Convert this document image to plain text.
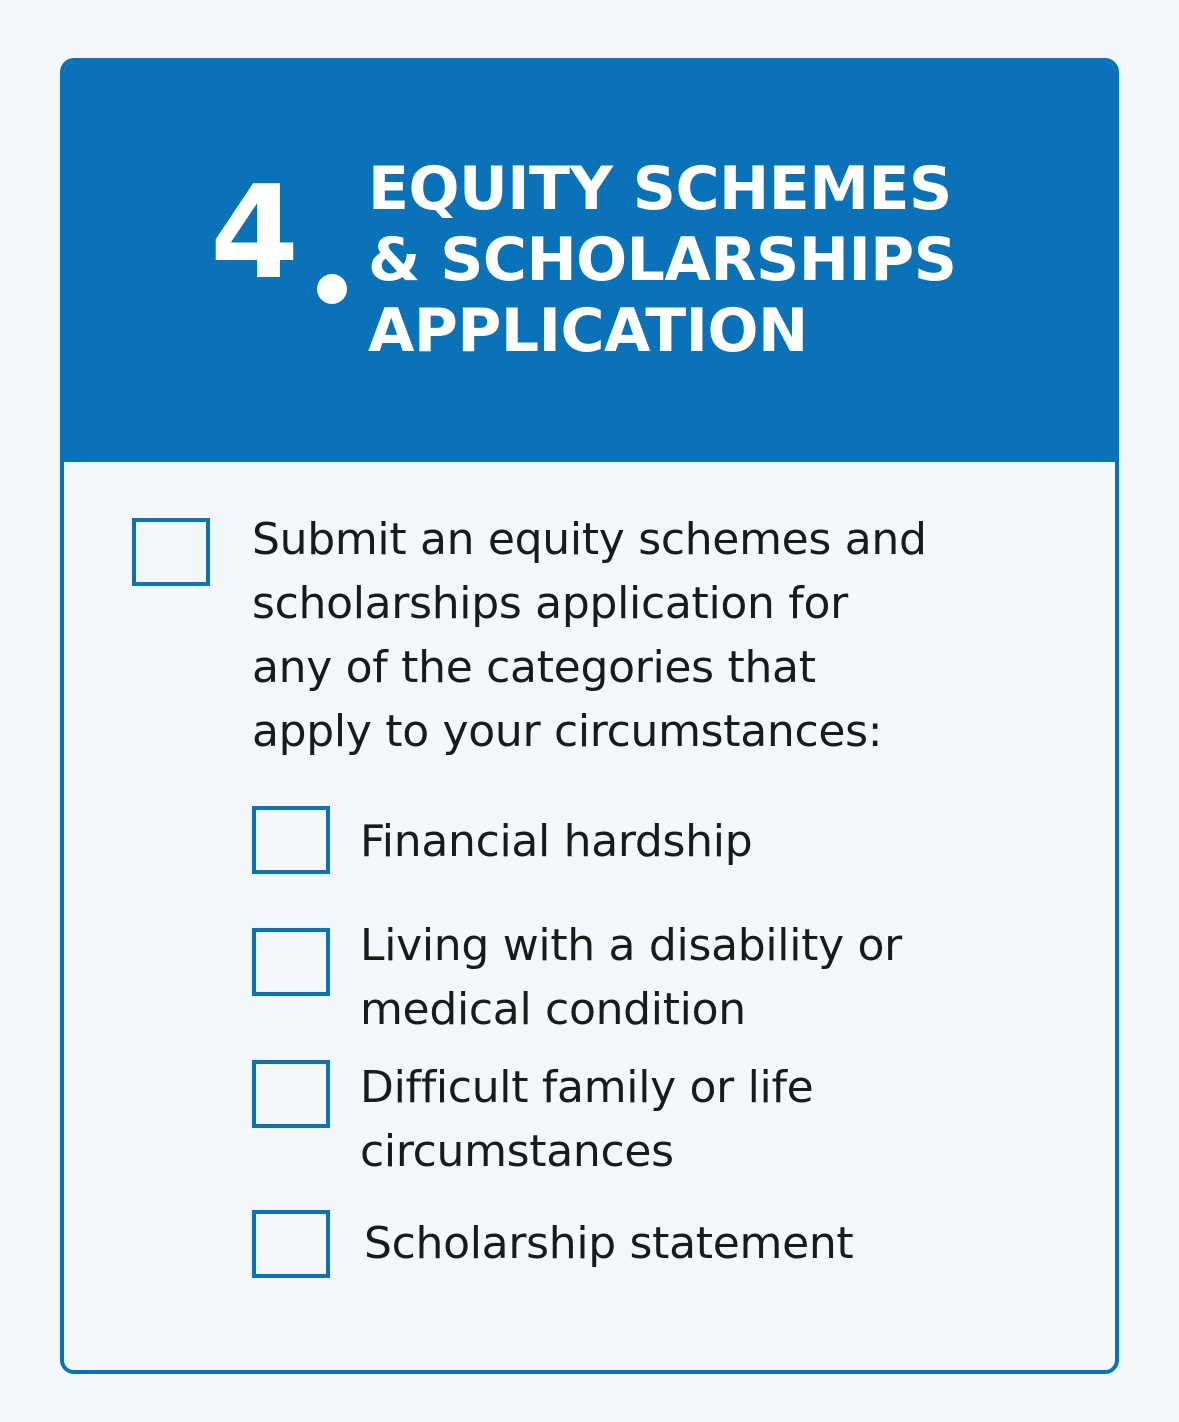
4 EQUITY SCHEMES
& SCHOLARSHIPS
APPLICATION
Submit an equity schemes and
scholarships application for
any of the categories that
apply to your circumstances:
Financial hardship
Living with a disability or
medical condition
Difficult family or life
circumstances
Scholarship statement
